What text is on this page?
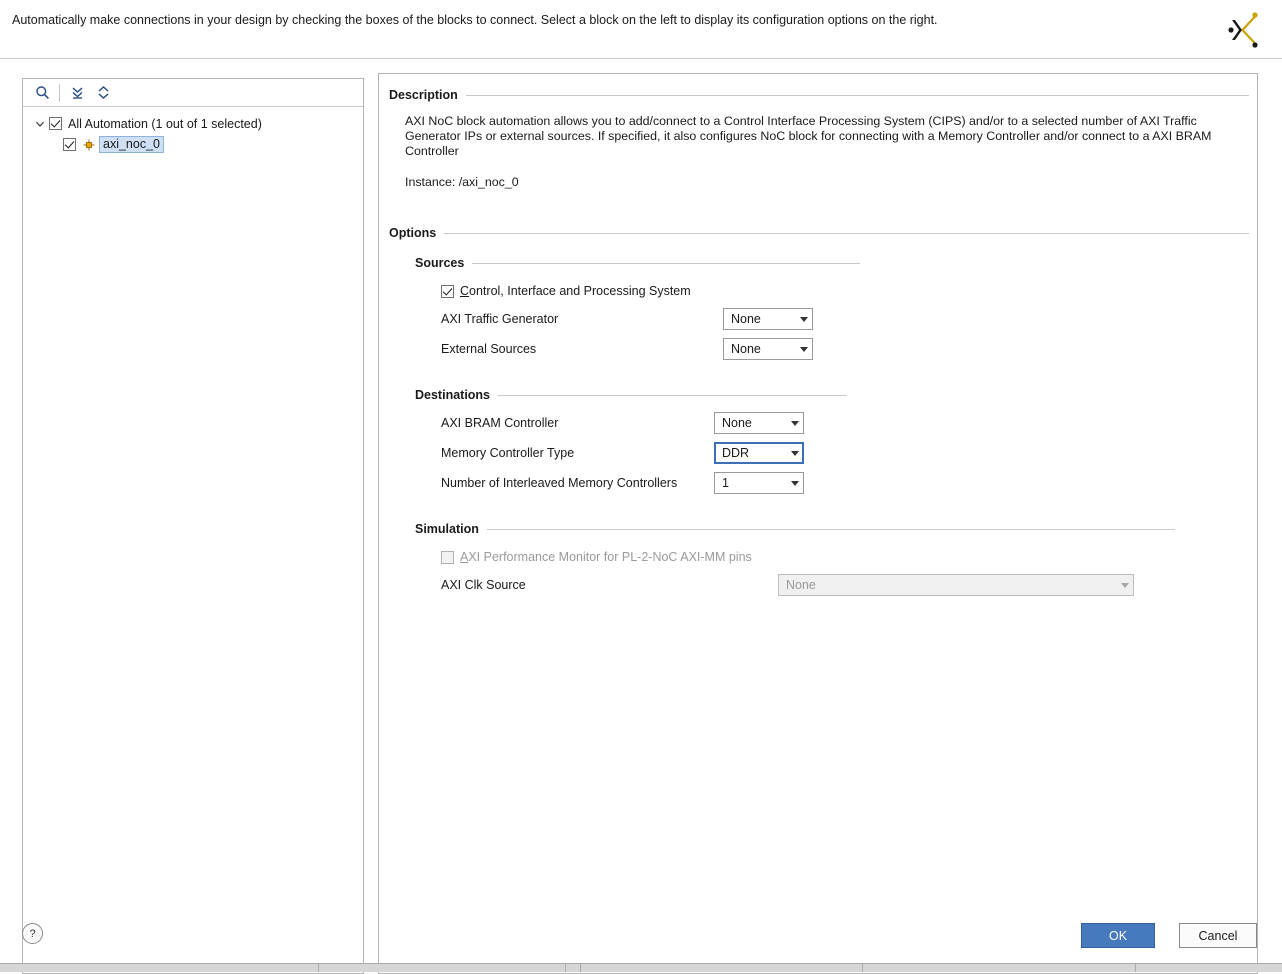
Automatically make connections in your design by checking the boxes of the blocks to connect. Select a block on the left to display its configuration options on the right.
All Automation (1 out of 1 selected)
axi_noc_0
Description
AXI NoC block automation allows you to add/connect to a Control Interface Processing System (CIPS) and/or to a selected number of AXI Traffic Generator IPs or external sources. If specified, it also configures NoC block for connecting with a Memory Controller and/or connect to a AXI BRAM Controller
Instance: /axi_noc_0
Options
Sources
Control, Interface and Processing System
AXI Traffic Generator	None
External Sources	None
Destinations
AXI BRAM Controller	None
Memory Controller Type	DDR
Number of Interleaved Memory Controllers	1
Simulation
AXI Performance Monitor for PL-2-NoC AXI-MM pins
AXI Clk Source	None
?	OK	Cancel
